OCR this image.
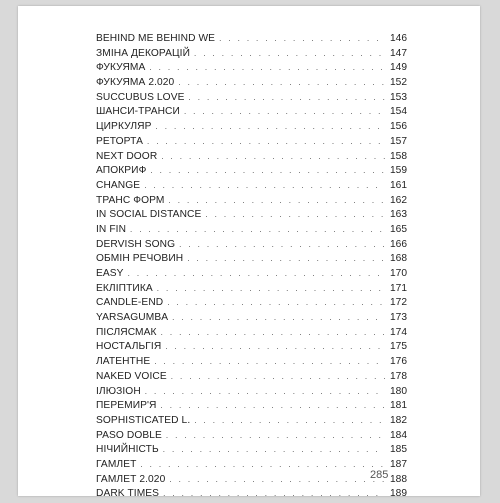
BEHIND ME BEHIND WE . . .	146
ЗМІНА ДЕКОРАЦІЙ . . .	147
ФУКУЯМА . . .	149
ФУКУЯМА 2.020 . . .	152
SUCCUBUS LOVE . . .	153
ШАНСИ-ТРАНСИ . . .	154
ЦИРКУЛЯР . . .	156
РЕТОРТА . . .	157
NEXT DOOR . . .	158
АПОКРИФ . . .	159
CHANGE . . .	161
ТРАНС ФОРМ . . .	162
IN SOCIAL DISTANCE . . .	163
IN FIN . . .	165
DERVISH SONG . . .	166
ОБМІН РЕЧОВИН . . .	168
EASY . . .	170
ЕКЛІПТИКА . . .	171
CANDLE-END . . .	172
YARSAGUMBA . . .	173
ПІСЛЯСМАК . . .	174
НОСТАЛЬГІЯ . . .	175
ЛАТЕНТНЕ . . .	176
NAKED VOICE . . .	178
ІЛЮЗІОН . . .	180
ПЕРЕМИР'Я . . .	181
SOPHISTICATED L. . . .	182
PASO DOBLE . . .	184
НІЧИЙНІСТЬ . . .	185
ГАМЛЕТ . . .	187
ГАМЛЕТ 2.020 . . .	188
DARK TIMES . . .	189
285
